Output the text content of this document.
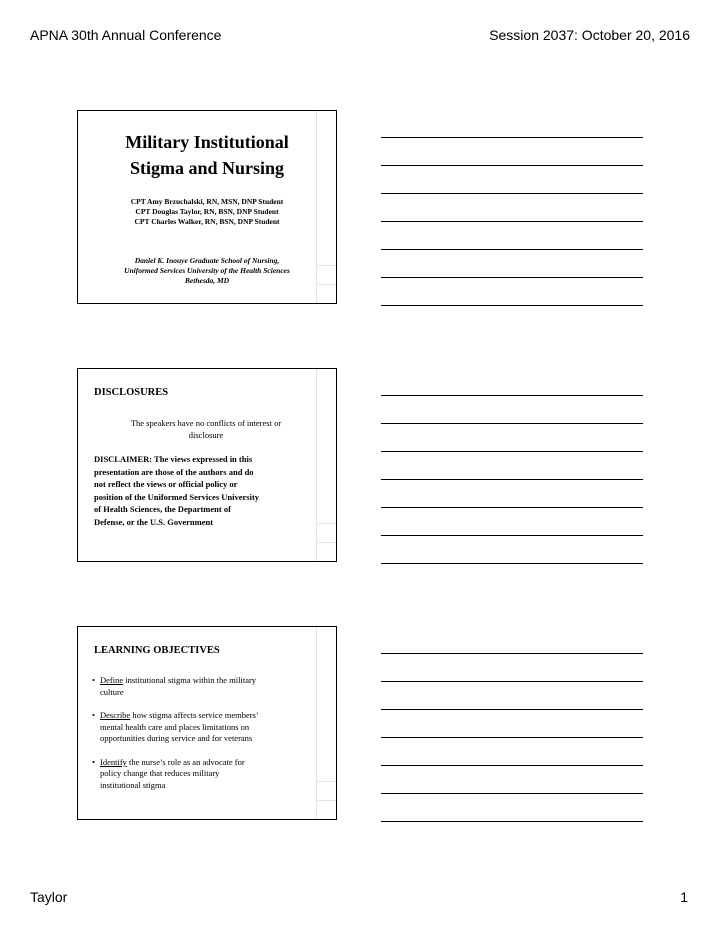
APNA 30th Annual Conference	Session 2037: October 20, 2016
Military Institutional
Stigma and Nursing
CPT Amy Brzuchalski, RN, MSN, DNP Student
CPT Douglas Taylor, RN, BSN, DNP Student
CPT Charles Walker, RN, BSN, DNP Student
Daniel K. Inouye Graduate School of Nursing,
Uniformed Services University of the Health Sciences
Bethesda, MD
DISCLOSURES
The speakers have no conflicts of interest or
disclosure
DISCLAIMER: The views expressed in this
presentation are those of the authors and do
not reflect the views or official policy or
position of the Uniformed Services University
of Health Sciences, the Department of
Defense, or the U.S. Government
LEARNING OBJECTIVES
• Define institutional stigma within the military
culture
• Describe how stigma affects service members’
mental health care and places limitations on
opportunities during service and for veterans
• Identify the nurse’s role as an advocate for
policy change that reduces military
institutional stigma
Taylor	1
